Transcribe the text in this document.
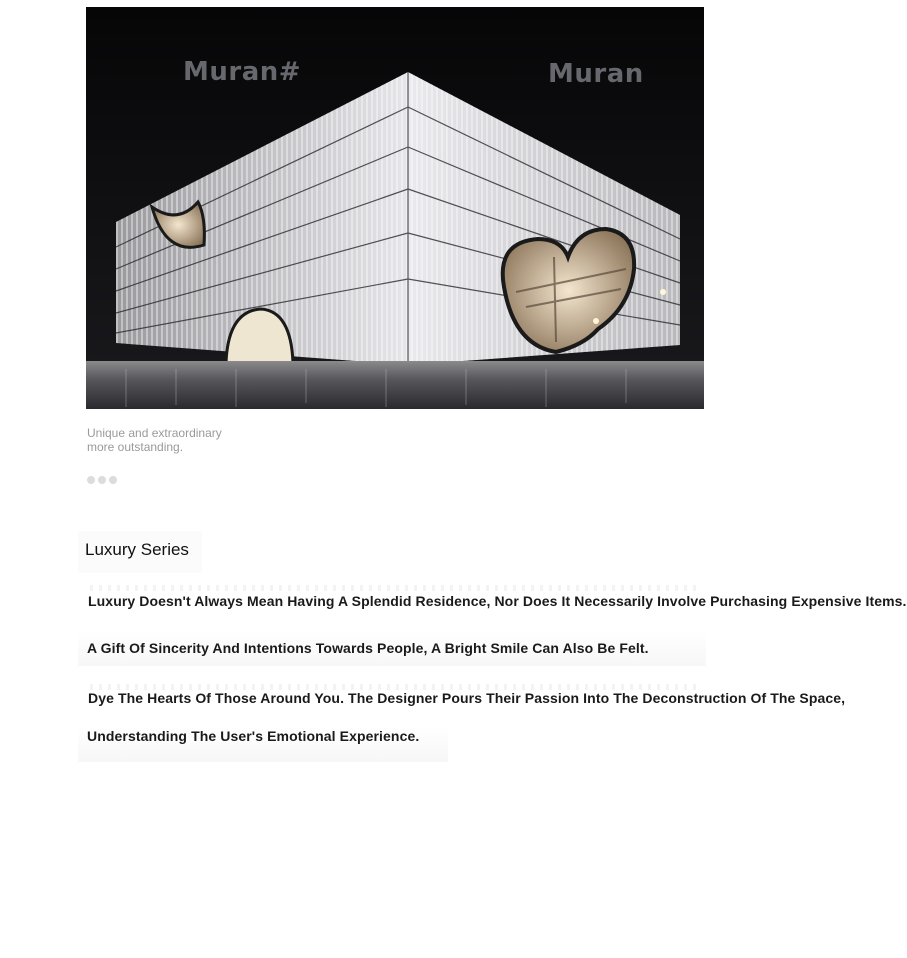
Muran#	Muran
Unique and extraordinary
more outstanding.
Luxury Series
Luxury Doesn't Always Mean Having A Splendid Residence, Nor Does It Necessarily Involve Purchasing Expensive Items.
A Gift Of Sincerity And Intentions Towards People, A Bright Smile Can Also Be Felt.
Dye The Hearts Of Those Around You. The Designer Pours Their Passion Into The Deconstruction Of The Space,
Understanding The User's Emotional Experience.
